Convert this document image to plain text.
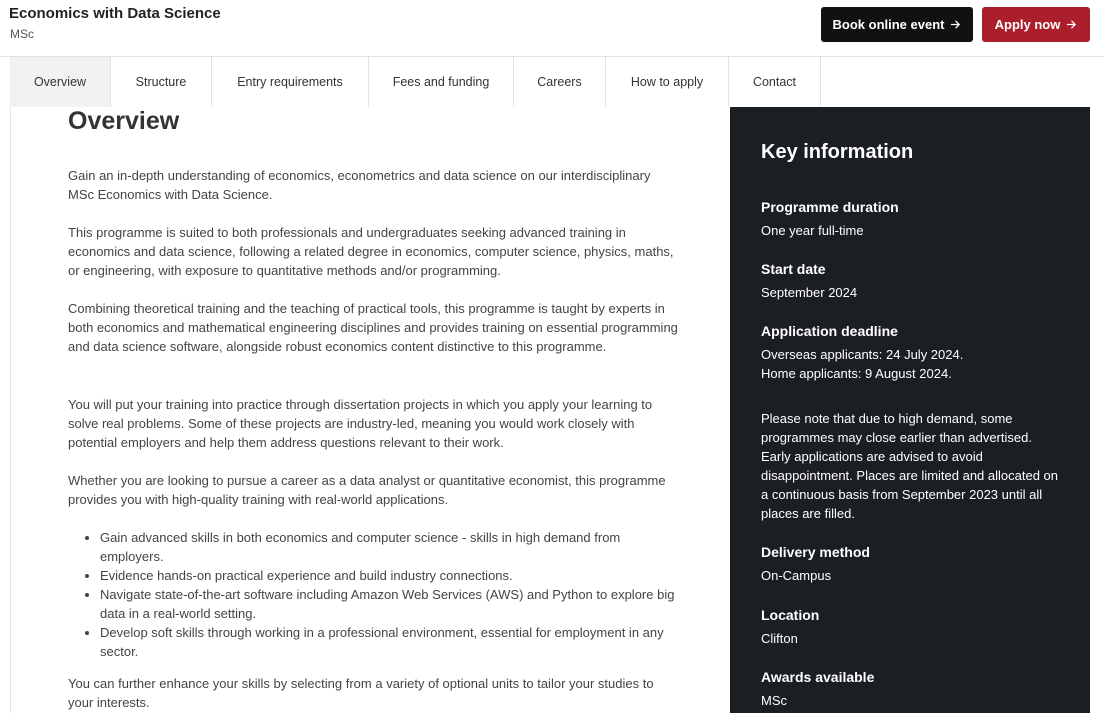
Economics with Data Science
MSc
Book online event	Apply now
Overview	Structure	Entry requirements	Fees and funding	Careers	How to apply	Contact
Overview

Gain an in-depth understanding of economics, econometrics and data science on our interdisciplinary MSc Economics with Data Science.

This programme is suited to both professionals and undergraduates seeking advanced training in economics and data science, following a related degree in economics, computer science, physics, maths, or engineering, with exposure to quantitative methods and/or programming.

Combining theoretical training and the teaching of practical tools, this programme is taught by experts in both economics and mathematical engineering disciplines and provides training on essential programming and data science software, alongside robust economics content distinctive to this programme.

You will put your training into practice through dissertation projects in which you apply your learning to solve real problems. Some of these projects are industry-led, meaning you would work closely with potential employers and help them address questions relevant to their work.

Whether you are looking to pursue a career as a data analyst or quantitative economist, this programme provides you with high-quality training with real-world applications.

• Gain advanced skills in both economics and computer science - skills in high demand from employers.
• Evidence hands-on practical experience and build industry connections.
• Navigate state-of-the-art software including Amazon Web Services (AWS) and Python to explore big data in a real-world setting.
• Develop soft skills through working in a professional environment, essential for employment in any sector.

You can further enhance your skills by selecting from a variety of optional units to tailor your studies to your interests.

Key information
Programme duration
One year full-time
Start date
September 2024
Application deadline
Overseas applicants: 24 July 2024.
Home applicants: 9 August 2024.
Please note that due to high demand, some programmes may close earlier than advertised. Early applications are advised to avoid disappointment. Places are limited and allocated on a continuous basis from September 2023 until all places are filled.
Delivery method
On-Campus
Location
Clifton
Awards available
MSc
